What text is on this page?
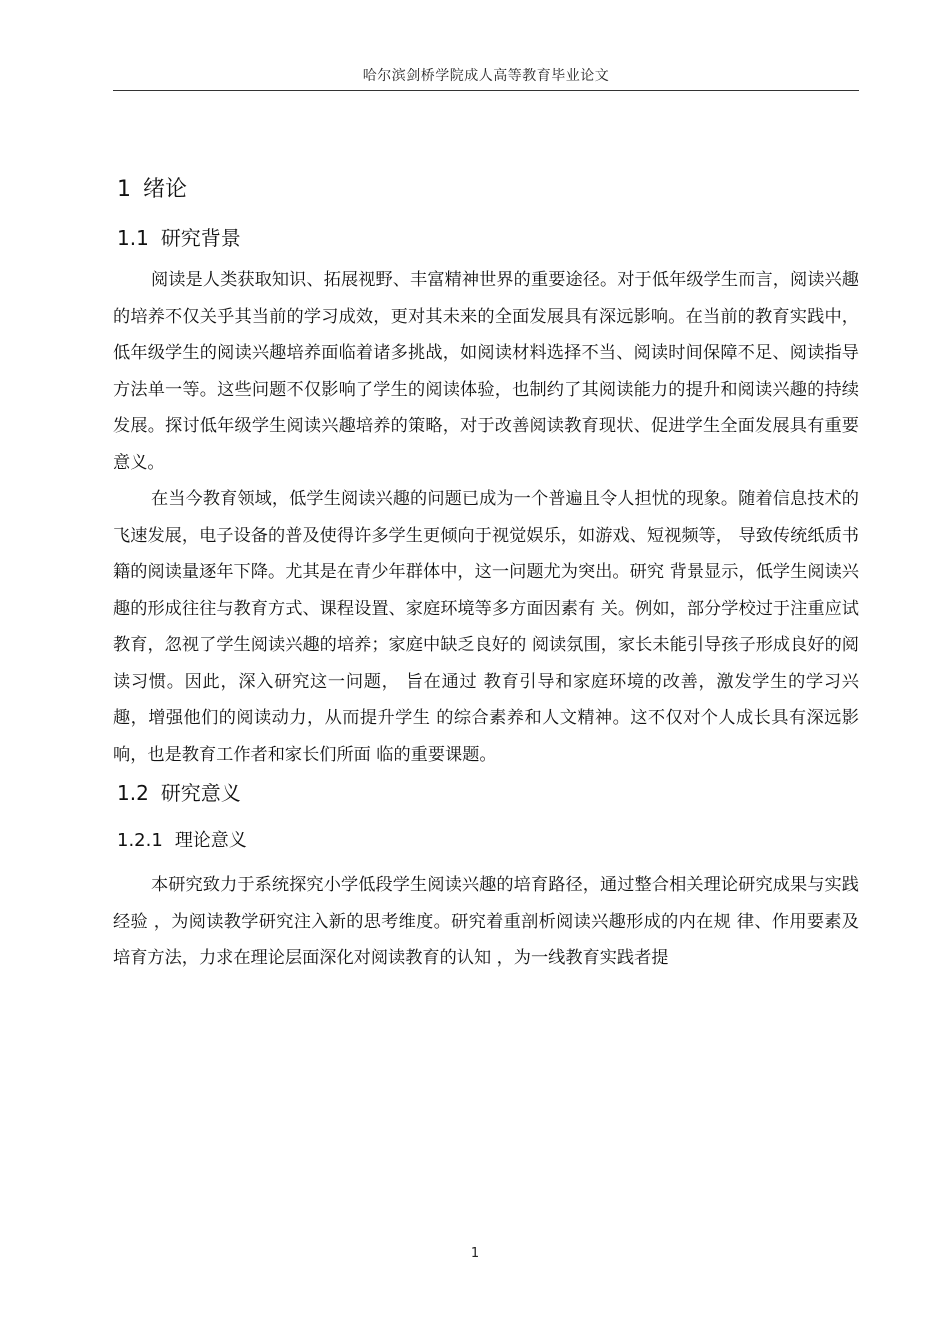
哈尔滨剑桥学院成人高等教育毕业论文
1 绪论
1.1 研究背景

阅读是人类获取知识、拓展视野、丰富精神世界的重要途径。对于低年级学生而言，阅读兴趣的培养不仅关乎其当前的学习成效，更对其未来的全面发展具有深远影响。在当前的教育实践中，低年级学生的阅读兴趣培养面临着诸多挑战，如阅读材料选择不当、阅读时间保障不足、阅读指导方法单一等。这些问题不仅影响了学生的阅读体验，也制约了其阅读能力的提升和阅读兴趣的持续发展。探讨低年级学生阅读兴趣培养的策略，对于改善阅读教育现状、促进学生全面发展具有重要意义。

在当今教育领域，低学生阅读兴趣的问题已成为一个普遍且令人担忧的现象。随着信息技术的飞速发展，电子设备的普及使得许多学生更倾向于视觉娱乐，如游戏、短视频等， 导致传统纸质书籍的阅读量逐年下降。尤其是在青少年群体中，这一问题尤为突出。研究 背景显示，低学生阅读兴趣的形成往往与教育方式、课程设置、家庭环境等多方面因素有 关。例如，部分学校过于注重应试教育，忽视了学生阅读兴趣的培养；家庭中缺乏良好的 阅读氛围，家长未能引导孩子形成良好的阅读习惯。因此，深入研究这一问题， 旨在通过 教育引导和家庭环境的改善，激发学生的学习兴趣，增强他们的阅读动力，从而提升学生 的综合素养和人文精神。这不仅对个人成长具有深远影响，也是教育工作者和家长们所面 临的重要课题。

1.2 研究意义
1.2.1 理论意义

本研究致力于系统探究小学低段学生阅读兴趣的培育路径，通过整合相关理论研究成果与实践经验 ，为阅读教学研究注入新的思考维度。研究着重剖析阅读兴趣形成的内在规 律、作用要素及培育方法，力求在理论层面深化对阅读教育的认知 ，为一线教育实践者提

1
